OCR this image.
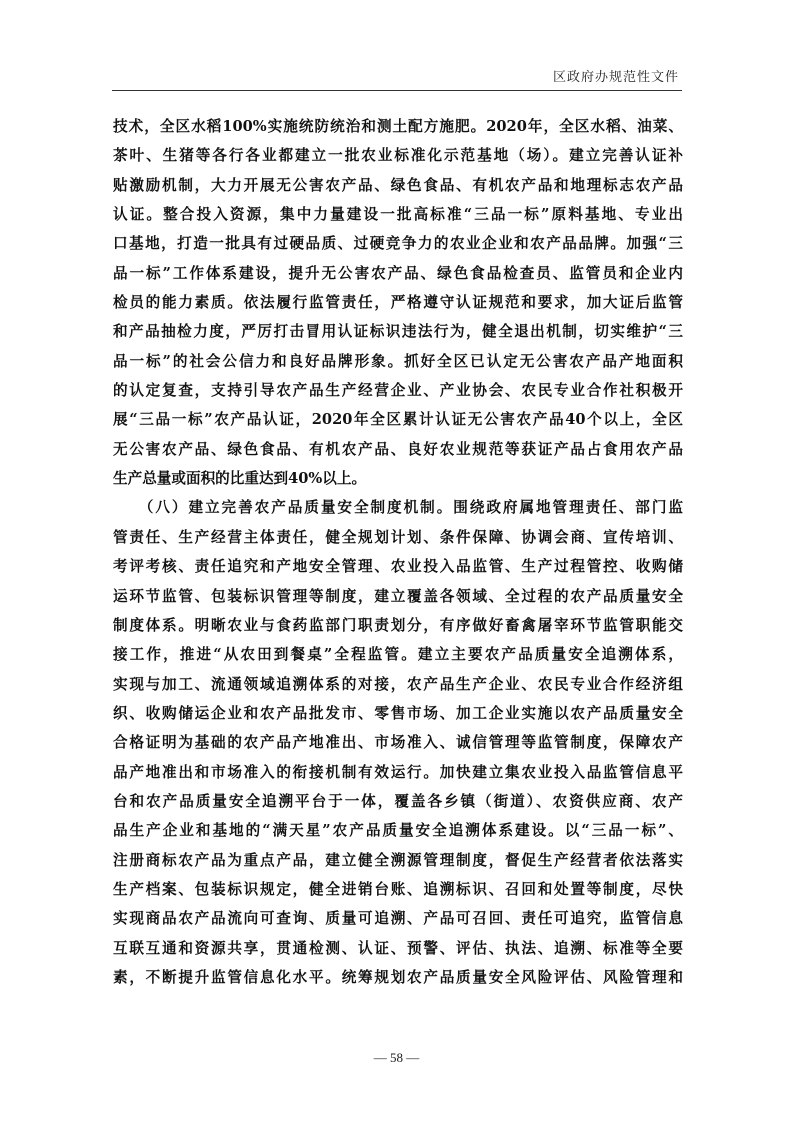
区政府办规范性文件
技术，全区水稻100%实施统防统治和测土配方施肥。2020年，全区水稻、油菜、
茶叶、生猪等各行各业都建立一批农业标准化示范基地（场）。建立完善认证补
贴激励机制，大力开展无公害农产品、绿色食品、有机农产品和地理标志农产品
认证。整合投入资源，集中力量建设一批高标准“三品一标”原料基地、专业出
口基地，打造一批具有过硬品质、过硬竞争力的农业企业和农产品品牌。加强“三
品一标”工作体系建设，提升无公害农产品、绿色食品检查员、监管员和企业内
检员的能力素质。依法履行监管责任，严格遵守认证规范和要求，加大证后监管
和产品抽检力度，严厉打击冒用认证标识违法行为，健全退出机制，切实维护“三
品一标”的社会公信力和良好品牌形象。抓好全区已认定无公害农产品产地面积
的认定复查，支持引导农产品生产经营企业、产业协会、农民专业合作社积极开
展“三品一标”农产品认证，2020年全区累计认证无公害农产品40个以上，全区
无公害农产品、绿色食品、有机农产品、良好农业规范等获证产品占食用农产品
生产总量或面积的比重达到40%以上。
　　（八）建立完善农产品质量安全制度机制。围绕政府属地管理责任、部门监
管责任、生产经营主体责任，健全规划计划、条件保障、协调会商、宣传培训、
考评考核、责任追究和产地安全管理、农业投入品监管、生产过程管控、收购储
运环节监管、包装标识管理等制度，建立覆盖各领域、全过程的农产品质量安全
制度体系。明晰农业与食药监部门职责划分，有序做好畜禽屠宰环节监管职能交
接工作，推进“从农田到餐桌”全程监管。建立主要农产品质量安全追溯体系，
实现与加工、流通领域追溯体系的对接，农产品生产企业、农民专业合作经济组
织、收购储运企业和农产品批发市、零售市场、加工企业实施以农产品质量安全
合格证明为基础的农产品产地准出、市场准入、诚信管理等监管制度，保障农产
品产地准出和市场准入的衔接机制有效运行。加快建立集农业投入品监管信息平
台和农产品质量安全追溯平台于一体，覆盖各乡镇（街道）、农资供应商、农产
品生产企业和基地的“满天星”农产品质量安全追溯体系建设。以“三品一标”、
注册商标农产品为重点产品，建立健全溯源管理制度，督促生产经营者依法落实
生产档案、包装标识规定，健全进销台账、追溯标识、召回和处置等制度，尽快
实现商品农产品流向可查询、质量可追溯、产品可召回、责任可追究，监管信息
互联互通和资源共享，贯通检测、认证、预警、评估、执法、追溯、标准等全要
素，不断提升监管信息化水平。统筹规划农产品质量安全风险评估、风险管理和
— 58 —
